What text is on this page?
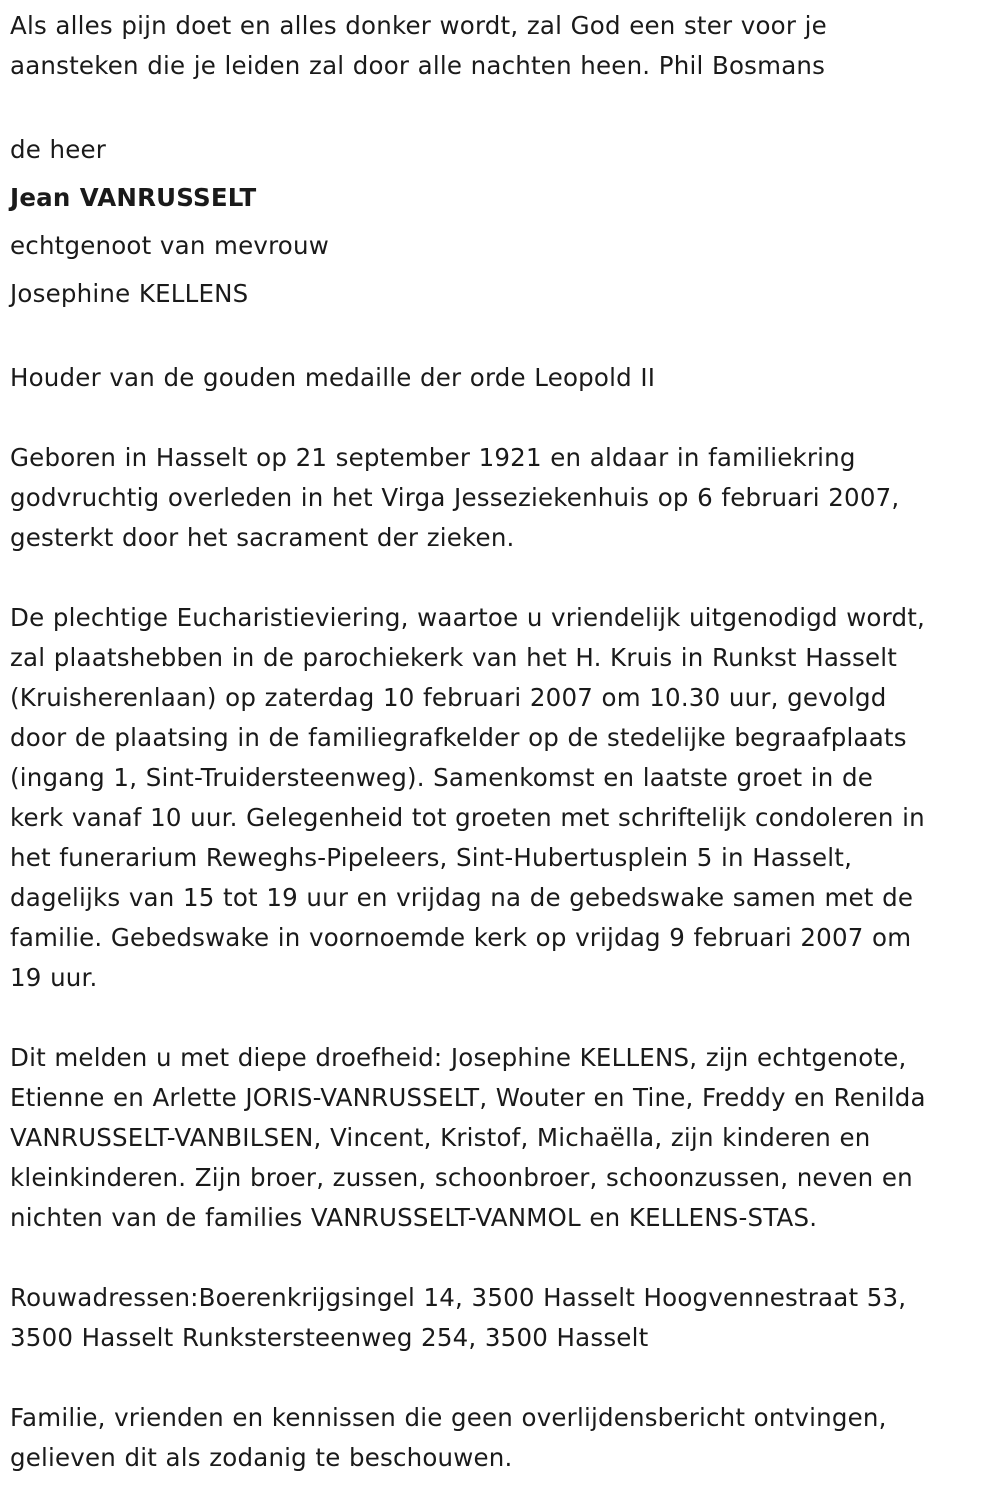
Als alles pijn doet en alles donker wordt, zal God een ster voor je
aansteken die je leiden zal door alle nachten heen. Phil Bosmans
de heer
Jean VANRUSSELT
echtgenoot van mevrouw
Josephine KELLENS
Houder van de gouden medaille der orde Leopold II
Geboren in Hasselt op 21 september 1921 en aldaar in familiekring
godvruchtig overleden in het Virga Jesseziekenhuis op 6 februari 2007,
gesterkt door het sacrament der zieken.
De plechtige Eucharistieviering, waartoe u vriendelijk uitgenodigd wordt,
zal plaatshebben in de parochiekerk van het H. Kruis in Runkst Hasselt
(Kruisherenlaan) op zaterdag 10 februari 2007 om 10.30 uur, gevolgd
door de plaatsing in de familiegrafkelder op de stedelijke begraafplaats
(ingang 1, Sint-Truidersteenweg). Samenkomst en laatste groet in de
kerk vanaf 10 uur. Gelegenheid tot groeten met schriftelijk condoleren in
het funerarium Reweghs-Pipeleers, Sint-Hubertusplein 5 in Hasselt,
dagelijks van 15 tot 19 uur en vrijdag na de gebedswake samen met de
familie. Gebedswake in voornoemde kerk op vrijdag 9 februari 2007 om
19 uur.
Dit melden u met diepe droefheid: Josephine KELLENS, zijn echtgenote,
Etienne en Arlette JORIS-VANRUSSELT, Wouter en Tine, Freddy en Renilda
VANRUSSELT-VANBILSEN, Vincent, Kristof, Michaëlla, zijn kinderen en
kleinkinderen. Zijn broer, zussen, schoonbroer, schoonzussen, neven en
nichten van de families VANRUSSELT-VANMOL en KELLENS-STAS.
Rouwadressen:Boerenkrijgsingel 14, 3500 Hasselt Hoogvennestraat 53,
3500 Hasselt Runkstersteenweg 254, 3500 Hasselt
Familie, vrienden en kennissen die geen overlijdensbericht ontvingen,
gelieven dit als zodanig te beschouwen.
